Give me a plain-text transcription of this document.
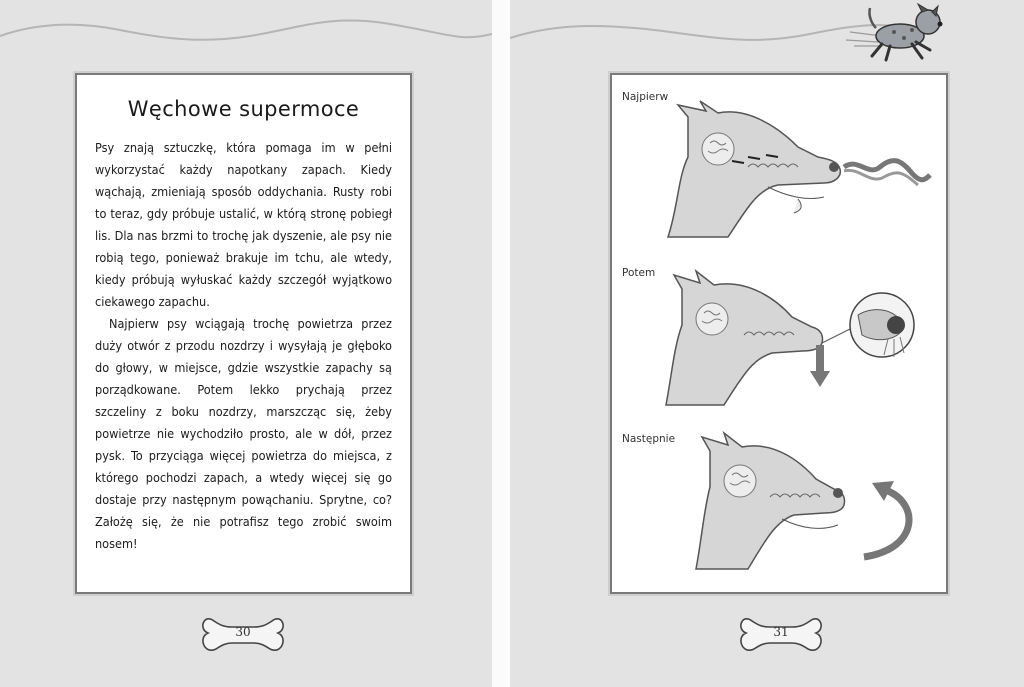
Węchowe supermoce

Psy znają sztuczkę, która pomaga im w pełni wykorzystać każdy napotkany zapach. Kiedy wąchają, zmieniają sposób oddychania. Rusty robi to teraz, gdy próbuje ustalić, w którą stronę pobiegł lis. Dla nas brzmi to trochę jak dyszenie, ale psy nie robią tego, ponieważ brakuje im tchu, ale wtedy, kiedy próbują wyłuskać każdy szczegół wyjątkowo ciekawego zapachu.

Najpierw psy wciągają trochę powietrza przez duży otwór z przodu nozdrzy i wysyłają je głęboko do głowy, w miejsce, gdzie wszystkie zapachy są porządkowane. Potem lekko prychają przez szczeliny z boku nozdrzy, marszcząc się, żeby powietrze nie wychodziło prosto, ale w dół, przez pysk. To przyciąga więcej powietrza do miejsca, z którego pochodzi zapach, a wtedy więcej się go dostaje przy następnym powąchaniu. Sprytne, co? Założę się, że nie potrafisz tego zrobić swoim nosem!

30
Najpierw
Potem
Następnie
31
